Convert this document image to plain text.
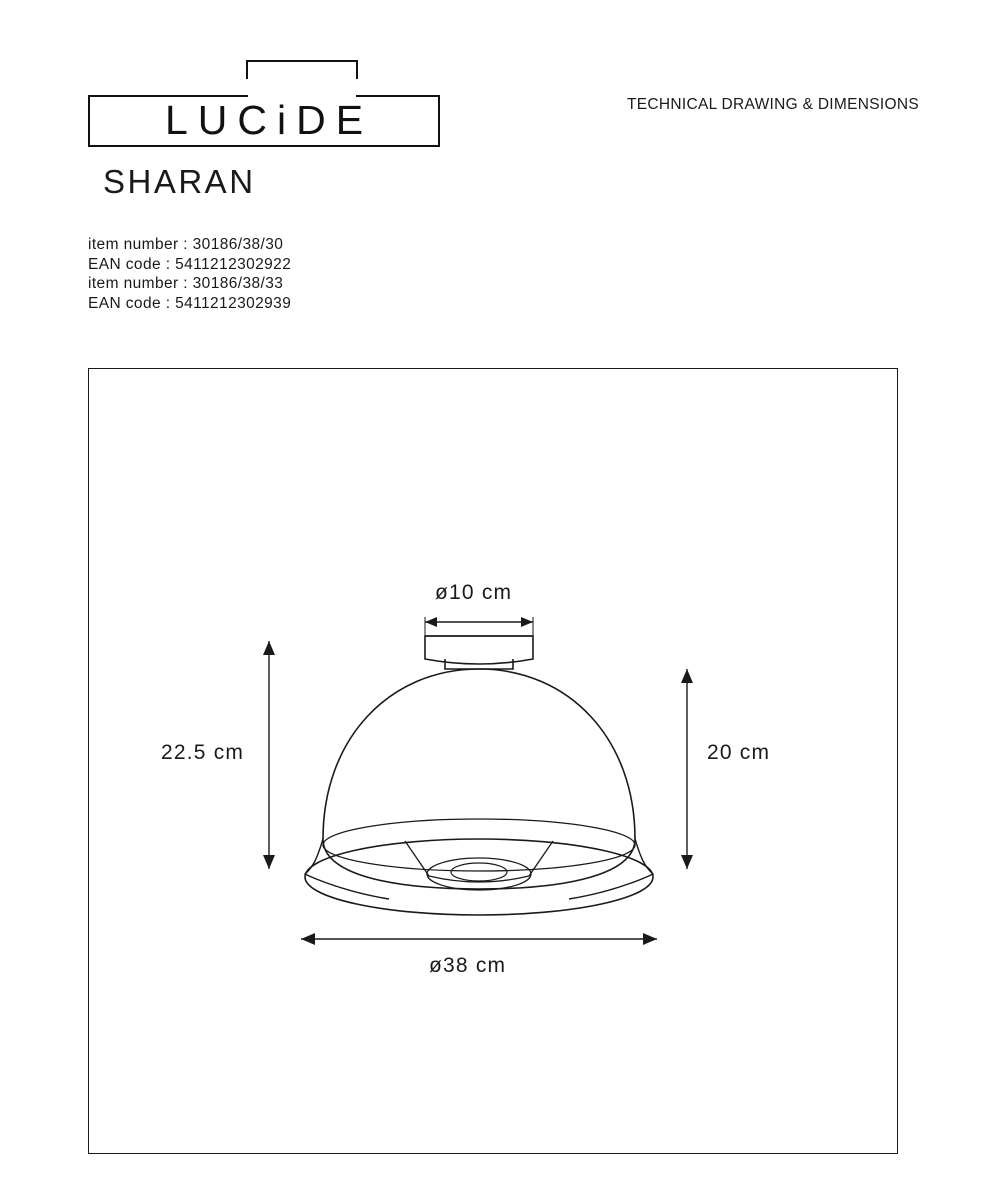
LUCiDE	TECHNICAL DRAWING & DIMENSIONS
SHARAN
item number : 30186/38/30
EAN code : 5411212302922
item number : 30186/38/33
EAN code : 5411212302939
ø10 cm
22.5 cm	20 cm
ø38 cm
